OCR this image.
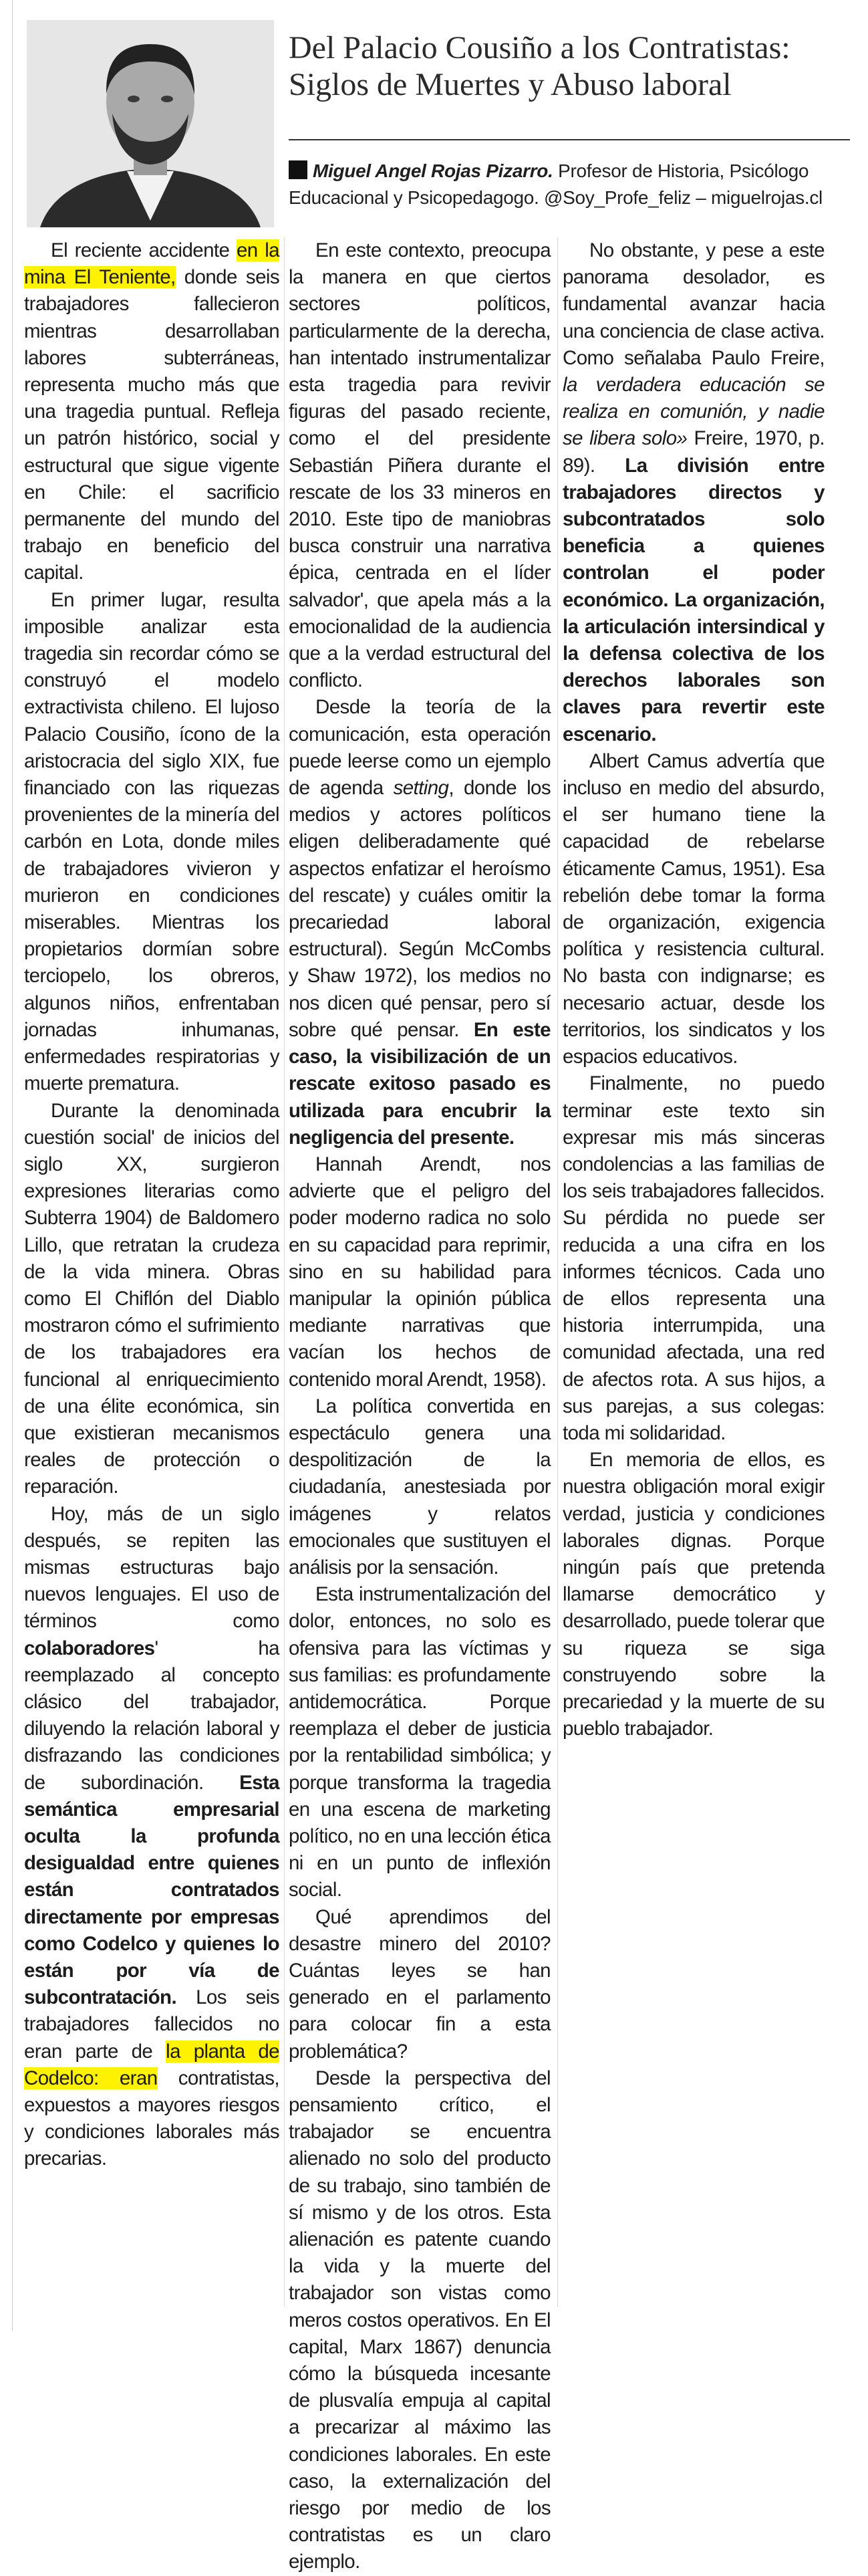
Del Palacio Cousiño a los Contratistas:
Siglos de Muertes y Abuso laboral
Miguel Angel Rojas Pizarro. Profesor de Historia, Psicólogo Educacional y Psicopedagogo. @Soy_Profe_feliz – miguelrojas.cl

El reciente accidente en la mina El Teniente, donde seis trabajadores fallecieron mientras desarrollaban labores subterráneas, representa mucho más que una tragedia puntual. Refleja un patrón histórico, social y estructural que sigue vigente en Chile: el sacrificio permanente del mundo del trabajo en beneficio del capital.

En primer lugar, resulta imposible analizar esta tragedia sin recordar cómo se construyó el modelo extractivista chileno. El lujoso Palacio Cousiño, ícono de la aristocracia del siglo XIX, fue financiado con las riquezas provenientes de la minería del carbón en Lota, donde miles de trabajadores vivieron y murieron en condiciones miserables. Mientras los propietarios dormían sobre terciopelo, los obreros, algunos niños, enfrentaban jornadas inhumanas, enfermedades respiratorias y muerte prematura.

Durante la denominada cuestión social' de inicios del siglo XX, surgieron expresiones literarias como Subterra 1904) de Baldomero Lillo, que retratan la crudeza de la vida minera. Obras como El Chiflón del Diablo mostraron cómo el sufrimiento de los trabajadores era funcional al enriquecimiento de una élite económica, sin que existieran mecanismos reales de protección o reparación.

Hoy, más de un siglo después, se repiten las mismas estructuras bajo nuevos lenguajes. El uso de términos como colaboradores' ha reemplazado al concepto clásico del trabajador, diluyendo la relación laboral y disfrazando las condiciones de subordinación. Esta semántica empresarial oculta la profunda desigualdad entre quienes están contratados directamente por empresas como Codelco y quienes lo están por vía de subcontratación. Los seis trabajadores fallecidos no eran parte de la planta de Codelco: eran contratistas, expuestos a mayores riesgos y condiciones laborales más precarias.

En este contexto, preocupa la manera en que ciertos sectores políticos, particularmente de la derecha, han intentado instrumentalizar esta tragedia para revivir figuras del pasado reciente, como el del presidente Sebastián Piñera durante el rescate de los 33 mineros en 2010. Este tipo de maniobras busca construir una narrativa épica, centrada en el líder salvador', que apela más a la emocionalidad de la audiencia que a la verdad estructural del conflicto.

Desde la teoría de la comunicación, esta operación puede leerse como un ejemplo de agenda setting, donde los medios y actores políticos eligen deliberadamente qué aspectos enfatizar el heroísmo del rescate) y cuáles omitir la precariedad laboral estructural). Según McCombs y Shaw 1972), los medios no nos dicen qué pensar, pero sí sobre qué pensar. En este caso, la visibilización de un rescate exitoso pasado es utilizada para encubrir la negligencia del presente.

Hannah Arendt, nos advierte que el peligro del poder moderno radica no solo en su capacidad para reprimir, sino en su habilidad para manipular la opinión pública mediante narrativas que vacían los hechos de contenido moral Arendt, 1958).

La política convertida en espectáculo genera una despolitización de la ciudadanía, anestesiada por imágenes y relatos emocionales que sustituyen el análisis por la sensación.

Esta instrumentalización del dolor, entonces, no solo es ofensiva para las víctimas y sus familias: es profundamente antidemocrática. Porque reemplaza el deber de justicia por la rentabilidad simbólica; y porque transforma la tragedia en una escena de marketing político, no en una lección ética ni en un punto de inflexión social.

Qué aprendimos del desastre minero del 2010? Cuántas leyes se han generado en el parlamento para colocar fin a esta problemática?

Desde la perspectiva del pensamiento crítico, el trabajador se encuentra alienado no solo del producto de su trabajo, sino también de sí mismo y de los otros. Esta alienación es patente cuando la vida y la muerte del trabajador son vistas como meros costos operativos. En El capital, Marx 1867) denuncia cómo la búsqueda incesante de plusvalía empuja al capital a precarizar al máximo las condiciones laborales. En este caso, la externalización del riesgo por medio de los contratistas es un claro ejemplo.

No obstante, y pese a este panorama desolador, es fundamental avanzar hacia una conciencia de clase activa. Como señalaba Paulo Freire, la verdadera educación se realiza en comunión, y nadie se libera solo» Freire, 1970, p. 89). La división entre trabajadores directos y subcontratados solo beneficia a quienes controlan el poder económico. La organización, la articulación intersindical y la defensa colectiva de los derechos laborales son claves para revertir este escenario.

Albert Camus advertía que incluso en medio del absurdo, el ser humano tiene la capacidad de rebelarse éticamente Camus, 1951). Esa rebelión debe tomar la forma de organización, exigencia política y resistencia cultural. No basta con indignarse; es necesario actuar, desde los territorios, los sindicatos y los espacios educativos.

Finalmente, no puedo terminar este texto sin expresar mis más sinceras condolencias a las familias de los seis trabajadores fallecidos. Su pérdida no puede ser reducida a una cifra en los informes técnicos. Cada uno de ellos representa una historia interrumpida, una comunidad afectada, una red de afectos rota. A sus hijos, a sus parejas, a sus colegas: toda mi solidaridad.

En memoria de ellos, es nuestra obligación moral exigir verdad, justicia y condiciones laborales dignas. Porque ningún país que pretenda llamarse democrático y desarrollado, puede tolerar que su riqueza se siga construyendo sobre la precariedad y la muerte de su pueblo trabajador.
